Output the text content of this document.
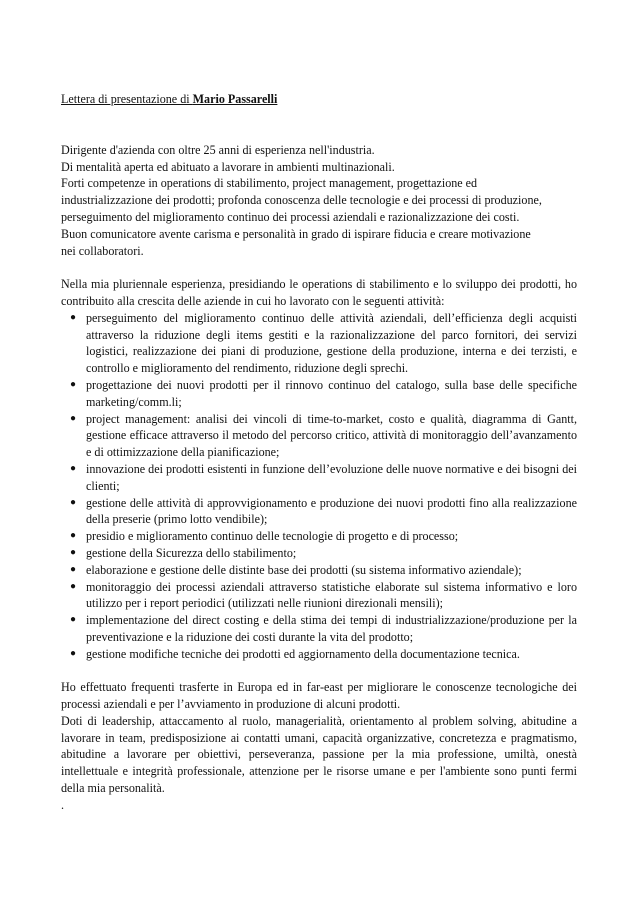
Lettera di presentazione di Mario Passarelli

Dirigente d'azienda con oltre 25 anni di esperienza nell'industria.
Di mentalità aperta ed abituato a lavorare in ambienti multinazionali.
Forti competenze in operations di stabilimento, project management, progettazione ed
industrializzazione dei prodotti; profonda conoscenza delle tecnologie e dei processi di produzione,
perseguimento del miglioramento continuo dei processi aziendali e razionalizzazione dei costi.
Buon comunicatore avente carisma e personalità in grado di ispirare fiducia e creare motivazione
nei collaboratori.

Nella mia pluriennale esperienza, presidiando le operations di stabilimento e lo sviluppo dei prodotti, ho contribuito alla crescita delle aziende in cui ho lavorato con le seguenti attività:

● perseguimento del miglioramento continuo delle attività aziendali, dell’efficienza degli acquisti attraverso la riduzione degli items gestiti e la razionalizzazione del parco fornitori, dei servizi logistici, realizzazione dei piani di produzione, gestione della produzione, interna e dei terzisti, e controllo e miglioramento del rendimento, riduzione degli sprechi.
● progettazione dei nuovi prodotti per il rinnovo continuo del catalogo, sulla base delle specifiche marketing/comm.li;
● project management: analisi dei vincoli di time-to-market, costo e qualità, diagramma di Gantt, gestione efficace attraverso il metodo del percorso critico, attività di monitoraggio dell’avanzamento e di ottimizzazione della pianificazione;
● innovazione dei prodotti esistenti in funzione dell’evoluzione delle nuove normative e dei bisogni dei clienti;
● gestione delle attività di approvvigionamento e produzione dei nuovi prodotti fino alla realizzazione della preserie (primo lotto vendibile);
● presidio e miglioramento continuo delle tecnologie di progetto e di processo;
● gestione della Sicurezza dello stabilimento;
● elaborazione e gestione delle distinte base dei prodotti (su sistema informativo aziendale);
● monitoraggio dei processi aziendali attraverso statistiche elaborate sul sistema informativo e loro utilizzo per i report periodici (utilizzati nelle riunioni direzionali mensili);
● implementazione del direct costing e della stima dei tempi di industrializzazione/produzione per la preventivazione e la riduzione dei costi durante la vita del prodotto;
● gestione modifiche tecniche dei prodotti ed aggiornamento della documentazione tecnica.

Ho effettuato frequenti trasferte in Europa ed in far-east per migliorare le conoscenze tecnologiche dei processi aziendali e per l’avviamento in produzione di alcuni prodotti.

Doti di leadership, attaccamento al ruolo, managerialità, orientamento al problem solving, abitudine a lavorare in team, predisposizione ai contatti umani, capacità organizzative, concretezza e pragmatismo, abitudine a lavorare per obiettivi, perseveranza, passione per la mia professione, umiltà, onestà intellettuale e integrità professionale, attenzione per le risorse umane e per l'ambiente sono punti fermi della mia personalità.

.
